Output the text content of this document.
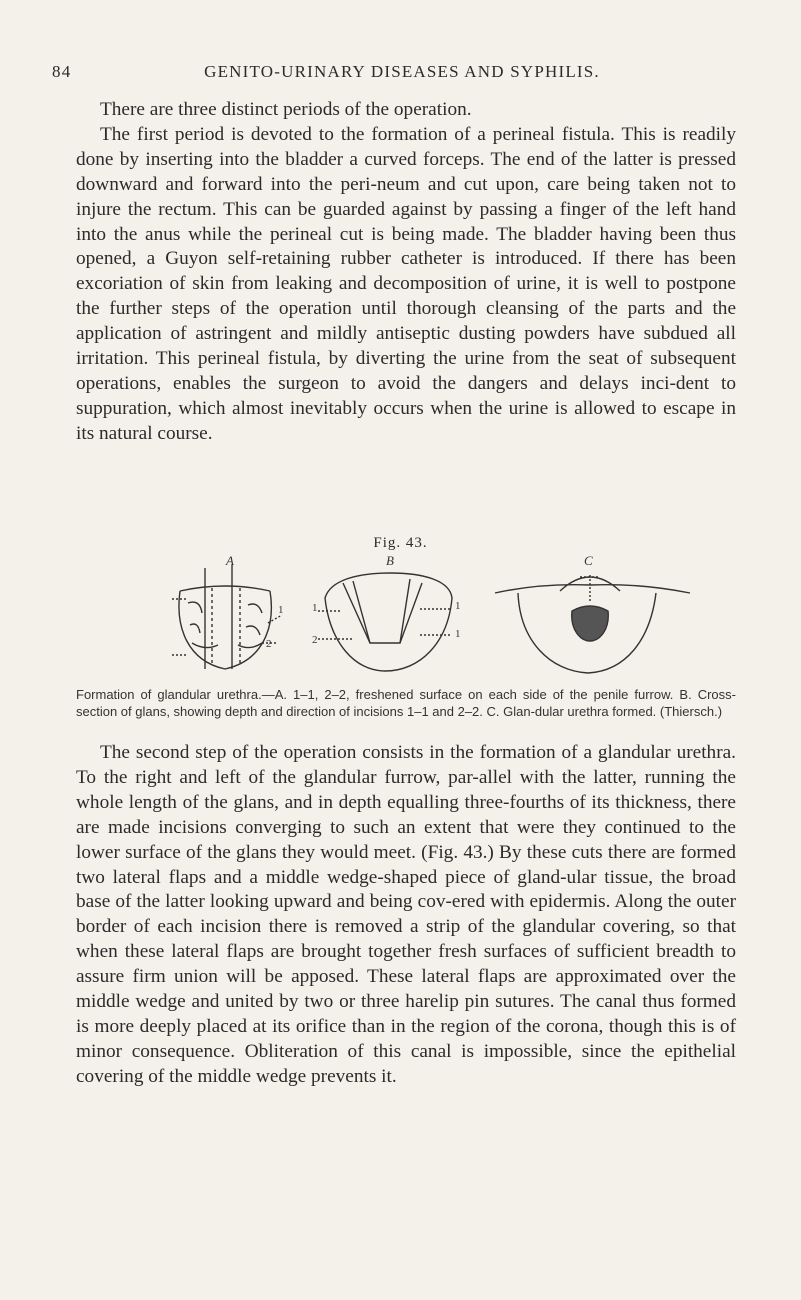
84	GENITO-URINARY DISEASES AND SYPHILIS.

There are three distinct periods of the operation.

The first period is devoted to the formation of a perineal fistula. This is readily done by inserting into the bladder a curved forceps. The end of the latter is pressed downward and forward into the peri-neum and cut upon, care being taken not to injure the rectum. This can be guarded against by passing a finger of the left hand into the anus while the perineal cut is being made. The bladder having been thus opened, a Guyon self-retaining rubber catheter is introduced. If there has been excoriation of skin from leaking and decomposition of urine, it is well to postpone the further steps of the operation until thorough cleansing of the parts and the application of astringent and mildly antiseptic dusting powders have subdued all irritation. This perineal fistula, by diverting the urine from the seat of subsequent operations, enables the surgeon to avoid the dangers and delays inci-dent to suppuration, which almost inevitably occurs when the urine is allowed to escape in its natural course.

Fig. 43.
A	B	C
1
2
1	1
2	1
Formation of glandular urethra.—A. 1–1, 2–2, freshened surface on each side of the penile furrow. B. Cross-section of glans, showing depth and direction of incisions 1–1 and 2–2. C. Glan-dular urethra formed. (Thiersch.)

The second step of the operation consists in the formation of a glandular urethra. To the right and left of the glandular furrow, par-allel with the latter, running the whole length of the glans, and in depth equalling three-fourths of its thickness, there are made incisions converging to such an extent that were they continued to the lower surface of the glans they would meet. (Fig. 43.) By these cuts there are formed two lateral flaps and a middle wedge-shaped piece of gland-ular tissue, the broad base of the latter looking upward and being cov-ered with epidermis. Along the outer border of each incision there is removed a strip of the glandular covering, so that when these lateral flaps are brought together fresh surfaces of sufficient breadth to assure firm union will be apposed. These lateral flaps are approximated over the middle wedge and united by two or three harelip pin sutures. The canal thus formed is more deeply placed at its orifice than in the region of the corona, though this is of minor consequence. Obliteration of this canal is impossible, since the epithelial covering of the middle wedge prevents it.
